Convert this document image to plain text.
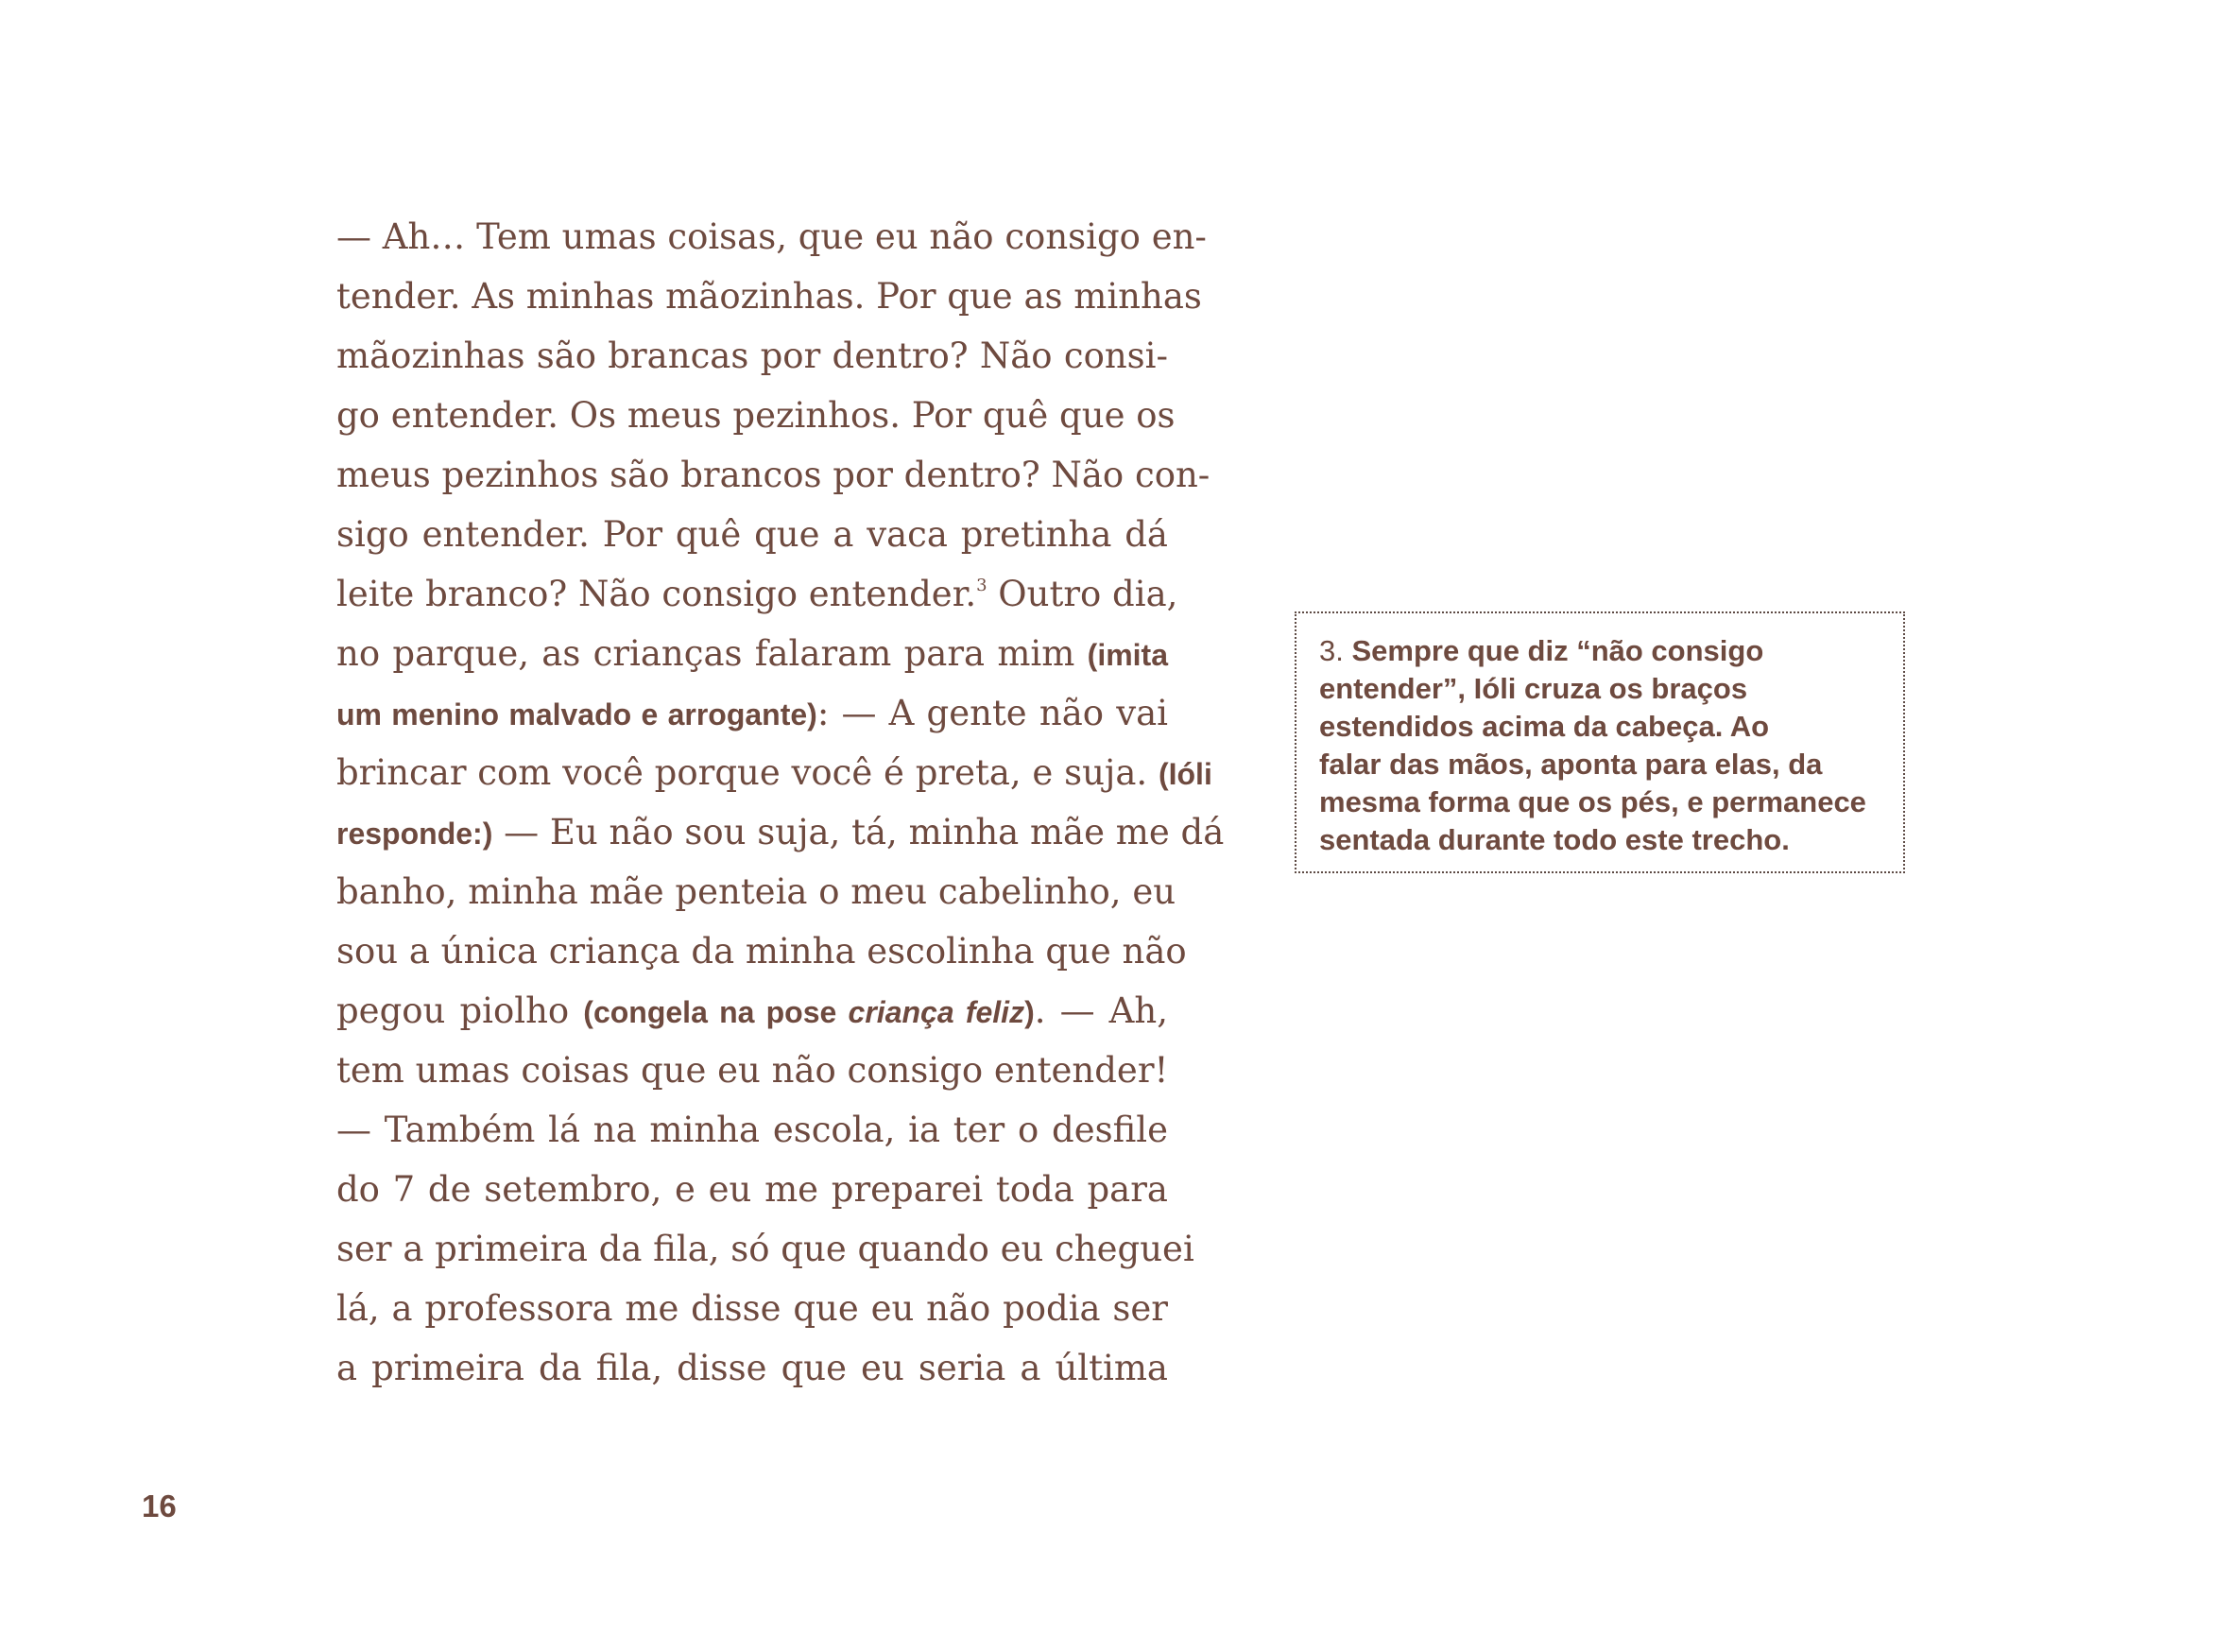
— Ah… Tem umas coisas, que eu não consigo en-
tender. As minhas mãozinhas. Por que as minhas
mãozinhas são brancas por dentro? Não consi-
go entender. Os meus pezinhos. Por quê que os
meus pezinhos são brancos por dentro? Não con-
sigo entender. Por quê que a vaca pretinha dá
leite branco? Não consigo entender.$^3$ Outro dia,
no parque, as crianças falaram para mim (imita
um menino malvado e arrogante): — A gente não vai
brincar com você porque você é preta, e suja. (Ióli
responde:) — Eu não sou suja, tá, minha mãe me dá
banho, minha mãe penteia o meu cabelinho, eu
sou a única criança da minha escolinha que não
pegou piolho (congela na pose criança feliz). — Ah,
tem umas coisas que eu não consigo entender!
— Também lá na minha escola, ia ter o desfile
do 7 de setembro, e eu me preparei toda para
ser a primeira da fila, só que quando eu cheguei
lá, a professora me disse que eu não podia ser
a primeira da fila, disse que eu seria a última
3. Sempre que diz “não consigo
entender”, Ióli cruza os braços
estendidos acima da cabeça. Ao
falar das mãos, aponta para elas, da
mesma forma que os pés, e permanece
sentada durante todo este trecho.
16
